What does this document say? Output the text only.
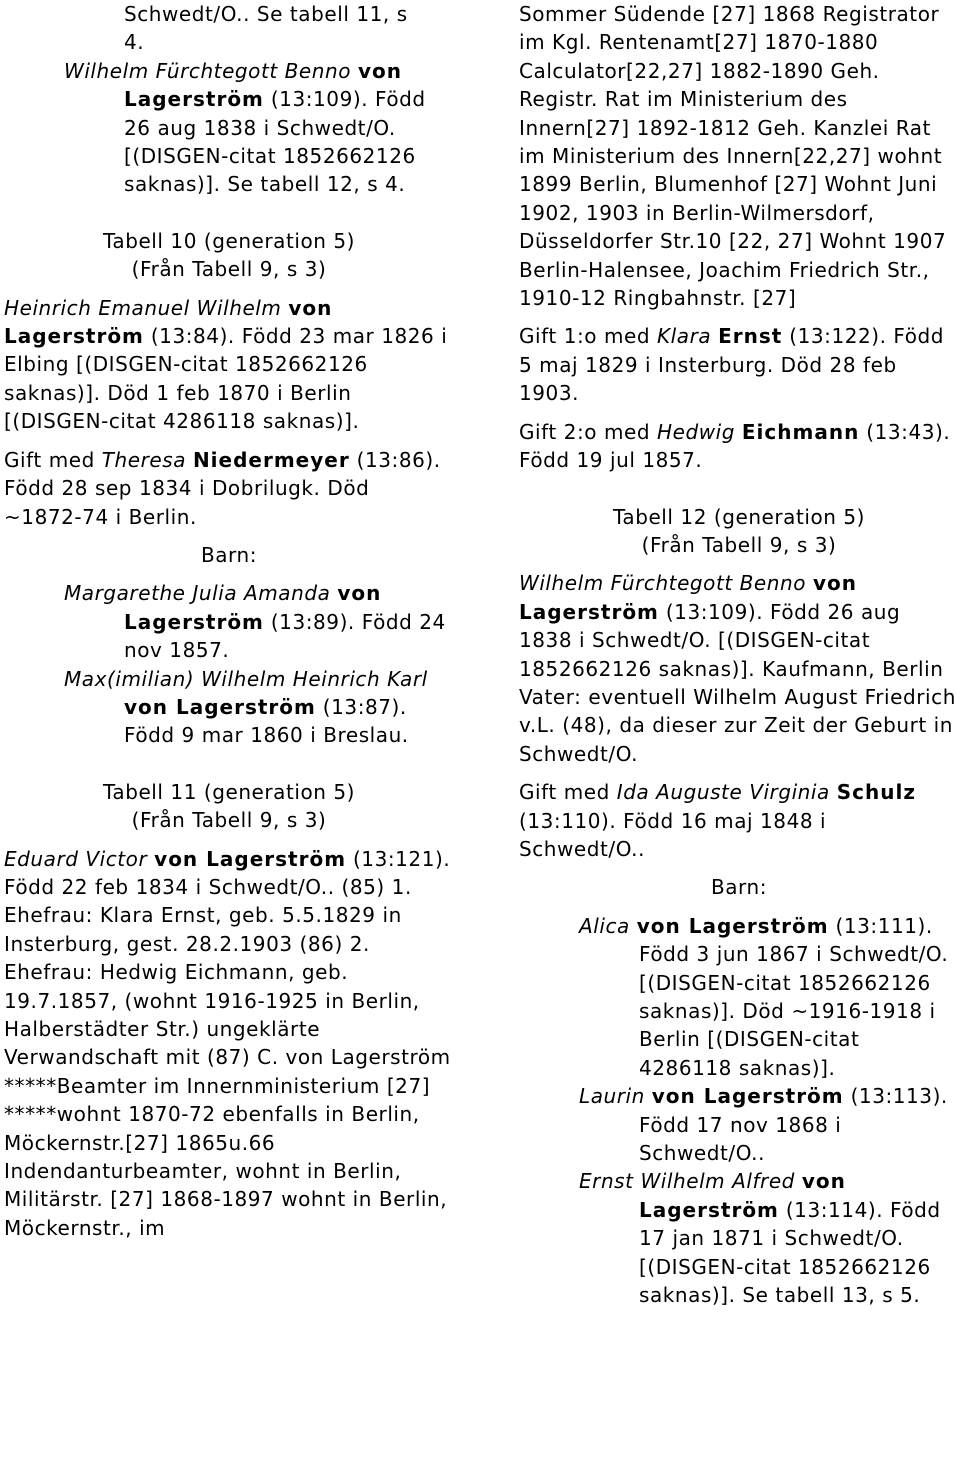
Schwedt/O.. Se tabell 11, s
4.

Wilhelm Fürchtegott Benno von Lagerström (13:109). Född 26 aug 1838 i Schwedt/O. [(DISGEN-citat 1852662126 saknas)]. Se tabell 12, s 4.

Tabell 10 (generation 5)
(Från Tabell 9, s 3)

Heinrich Emanuel Wilhelm von Lagerström (13:84). Född 23 mar 1826 i Elbing [(DISGEN-citat 1852662126 saknas)]. Död 1 feb 1870 i Berlin [(DISGEN-citat 4286118 saknas)].

Gift med Theresa Niedermeyer (13:86). Född 28 sep 1834 i Dobrilugk. Död ~1872-74 i Berlin.

Barn:

Margarethe Julia Amanda von Lagerström (13:89). Född 24 nov 1857.

Max(imilian) Wilhelm Heinrich Karl von Lagerström (13:87). Född 9 mar 1860 i Breslau.

Tabell 11 (generation 5)
(Från Tabell 9, s 3)

Eduard Victor von Lagerström (13:121). Född 22 feb 1834 i Schwedt/O.. (85) 1. Ehefrau: Klara Ernst, geb. 5.5.1829 in Insterburg, gest. 28.2.1903 (86) 2. Ehefrau: Hedwig Eichmann, geb. 19.7.1857, (wohnt 1916-1925 in Berlin, Halberstädter Str.) ungeklärte Verwandschaft mit (87) C. von Lagerström *****Beamter im Innernministerium [27] *****wohnt 1870-72 ebenfalls in Berlin, Möckernstr.[27] 1865u.66 Indendanturbeamter, wohnt in Berlin, Militärstr. [27] 1868-1897 wohnt in Berlin, Möckernstr., im

Sommer Südende [27] 1868 Registrator im Kgl. Rentenamt[27] 1870-1880 Calculator[22,27] 1882-1890 Geh. Registr. Rat im Ministerium des Innern[27] 1892-1812 Geh. Kanzlei Rat im Ministerium des Innern[22,27] wohnt 1899 Berlin, Blumenhof [27] Wohnt Juni 1902, 1903 in Berlin-Wilmersdorf, Düsseldorfer Str.10 [22, 27] Wohnt 1907 Berlin-Halensee, Joachim Friedrich Str., 1910-12 Ringbahnstr. [27]

Gift 1:o med Klara Ernst (13:122). Född 5 maj 1829 i Insterburg. Död 28 feb 1903.

Gift 2:o med Hedwig Eichmann (13:43). Född 19 jul 1857.

Tabell 12 (generation 5)
(Från Tabell 9, s 3)

Wilhelm Fürchtegott Benno von Lagerström (13:109). Född 26 aug 1838 i Schwedt/O. [(DISGEN-citat 1852662126 saknas)]. Kaufmann, Berlin Vater: eventuell Wilhelm August Friedrich v.L. (48), da dieser zur Zeit der Geburt in Schwedt/O.

Gift med Ida Auguste Virginia Schulz (13:110). Född 16 maj 1848 i Schwedt/O..

Barn:

Alica von Lagerström (13:111). Född 3 jun 1867 i Schwedt/O. [(DISGEN-citat 1852662126 saknas)]. Död ~1916-1918 i Berlin [(DISGEN-citat 4286118 saknas)].

Laurin von Lagerström (13:113). Född 17 nov 1868 i Schwedt/O..

Ernst Wilhelm Alfred von Lagerström (13:114). Född 17 jan 1871 i Schwedt/O. [(DISGEN-citat 1852662126 saknas)]. Se tabell 13, s 5.
